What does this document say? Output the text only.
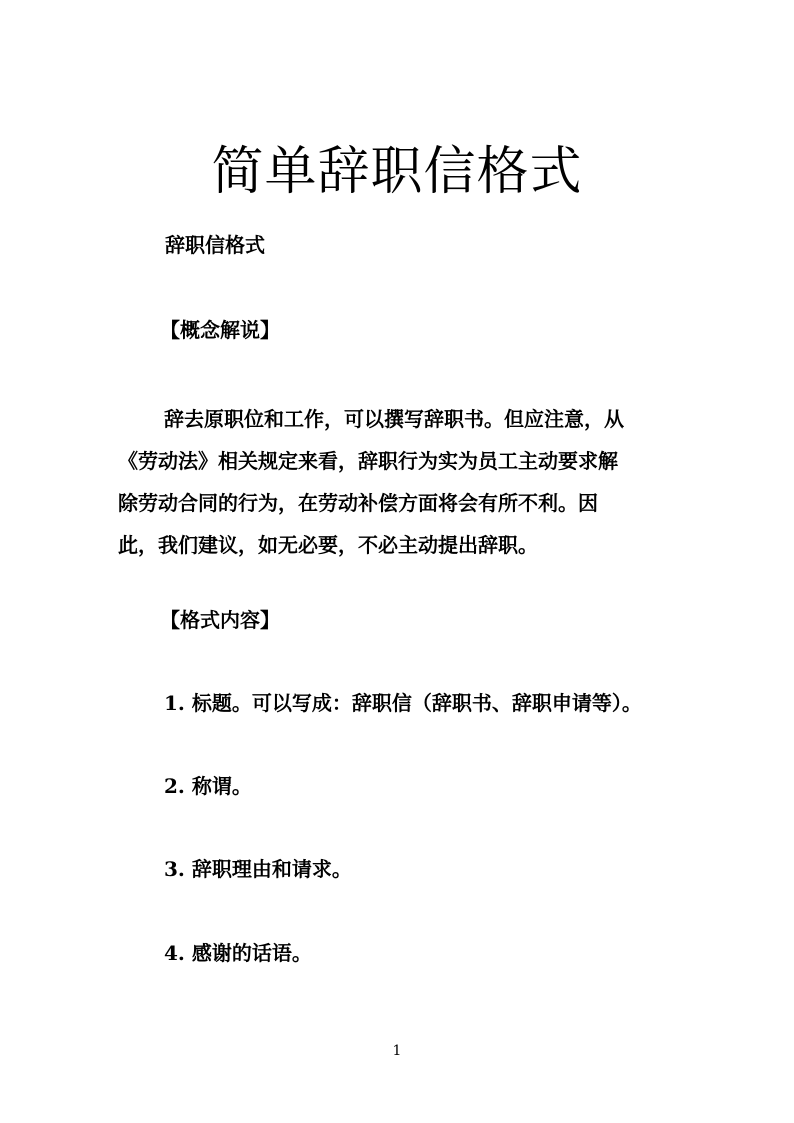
简单辞职信格式

辞职信格式

【概念解说】

辞去原职位和工作，可以撰写辞职书。但应注意，从
《劳动法》相关规定来看，辞职行为实为员工主动要求解
除劳动合同的行为，在劳动补偿方面将会有所不利。因
此，我们建议，如无必要，不必主动提出辞职。

【格式内容】

1. 标题。可以写成：辞职信（辞职书、辞职申请等）。

2. 称谓。

3. 辞职理由和请求。

4. 感谢的话语。

1
